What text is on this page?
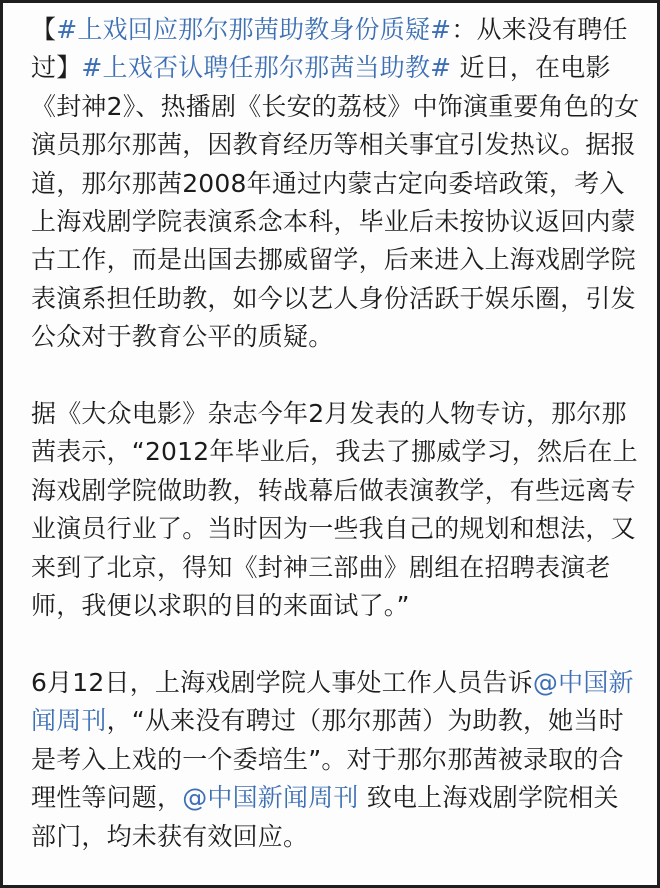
【#上戏回应那尔那茜助教身份质疑#：从来没有聘任过】#上戏否认聘任那尔那茜当助教# 近日，在电影《封神2》、热播剧《长安的荔枝》中饰演重要角色的女演员那尔那茜，因教育经历等相关事宜引发热议。据报道，那尔那茜2008年通过内蒙古定向委培政策，考入上海戏剧学院表演系念本科，毕业后未按协议返回内蒙古工作，而是出国去挪威留学，后来进入上海戏剧学院表演系担任助教，如今以艺人身份活跃于娱乐圈，引发公众对于教育公平的质疑。

据《大众电影》杂志今年2月发表的人物专访，那尔那茜表示，“2012年毕业后，我去了挪威学习，然后在上海戏剧学院做助教，转战幕后做表演教学，有些远离专业演员行业了。当时因为一些我自己的规划和想法，又来到了北京，得知《封神三部曲》剧组在招聘表演老师，我便以求职的目的来面试了。”

6月12日，上海戏剧学院人事处工作人员告诉@中国新闻周刊，“从来没有聘过（那尔那茜）为助教，她当时是考入上戏的一个委培生”。对于那尔那茜被录取的合理性等问题，@中国新闻周刊 致电上海戏剧学院相关部门，均未获有效回应。
